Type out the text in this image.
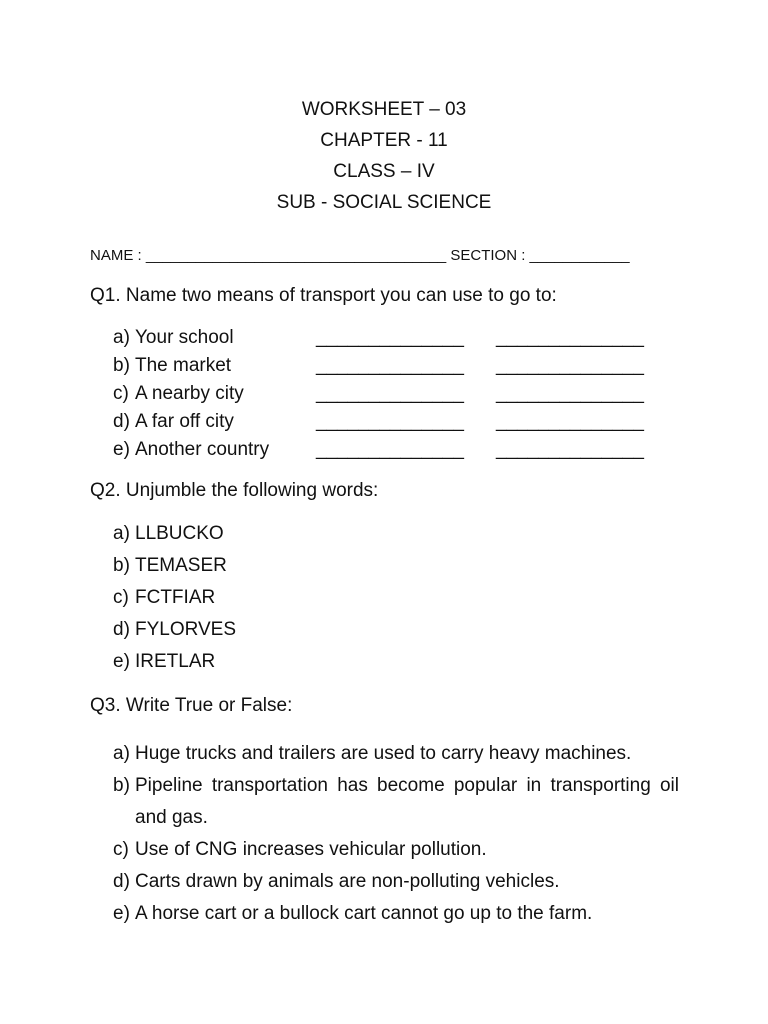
WORKSHEET – 03
CHAPTER - 11
CLASS – IV
SUB - SOCIAL SCIENCE
NAME : ____________________________________ SECTION : ____________
Q1. Name two means of transport you can use to go to:
a) Your school	______________ ______________
b) The market	______________ ______________
c) A nearby city	______________ ______________
d) A far off city	______________ ______________
e) Another country ______________ ______________
Q2. Unjumble the following words:
a) LLBUCKO
b) TEMASER
c) FCTFIAR
d) FYLORVES
e) IRETLAR
Q3. Write True or False:
a) Huge trucks and trailers are used to carry heavy machines.
b) Pipeline transportation has become popular in transporting oil and gas.
c) Use of CNG increases vehicular pollution.
d) Carts drawn by animals are non-polluting vehicles.
e) A horse cart or a bullock cart cannot go up to the farm.
